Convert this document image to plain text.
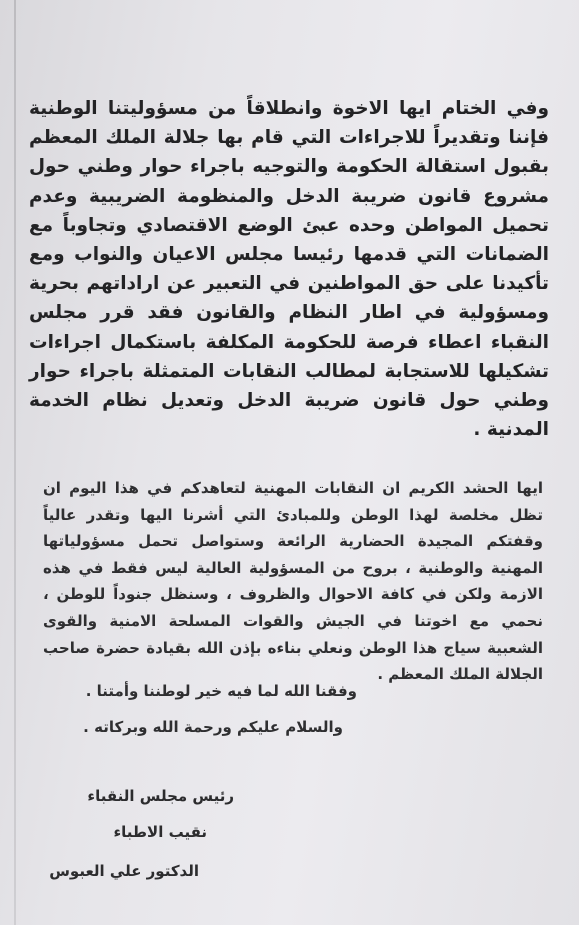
وفي الختام ايها الاخوة وانطلاقاً من مسؤوليتنا الوطنية فإننا وتقديراً للاجراءات التي قام بها جلالة الملك المعظم بقبول استقالة الحكومة والتوجيه باجراء حوار وطني حول مشروع قانون ضريبة الدخل والمنظومة الضريبية وعدم تحميل المواطن وحده عبئ الوضع الاقتصادي وتجاوباً مع الضمانات التي قدمها رئيسا مجلس الاعيان والنواب ومع تأكيدنا على حق المواطنين في التعبير عن اراداتهم بحرية ومسؤولية في اطار النظام والقانون فقد قرر مجلس النقباء اعطاء فرصة للحكومة المكلفة باستكمال اجراءات تشكيلها للاستجابة لمطالب النقابات المتمثلة باجراء حوار وطني حول قانون ضريبة الدخل وتعديل نظام الخدمة المدنية .
ايها الحشد الكريم ان النقابات المهنية لتعاهدكم في هذا اليوم ان تظل مخلصة لهذا الوطن وللمبادئ التي أشرنا اليها وتقدر عالياً وقفتكم المجيدة الحضارية الرائعة وستواصل تحمل مسؤولياتها المهنية والوطنية ، بروح من المسؤولية العالية ليس فقط في هذه الازمة ولكن في كافة الاحوال والظروف ، وسنظل جنوداً للوطن ، نحمي مع اخوتنا في الجيش والقوات المسلحة الامنية والقوى الشعبية سياج هذا الوطن ونعلي بناءه بإذن الله بقيادة حضرة صاحب الجلالة الملك المعظم .
وفقنا الله لما فيه خير لوطننا وأمتنا .
والسلام عليكم ورحمة الله وبركاته .
رئيس مجلس النقباء
نقيب الاطباء
الدكتور علي العبوس
